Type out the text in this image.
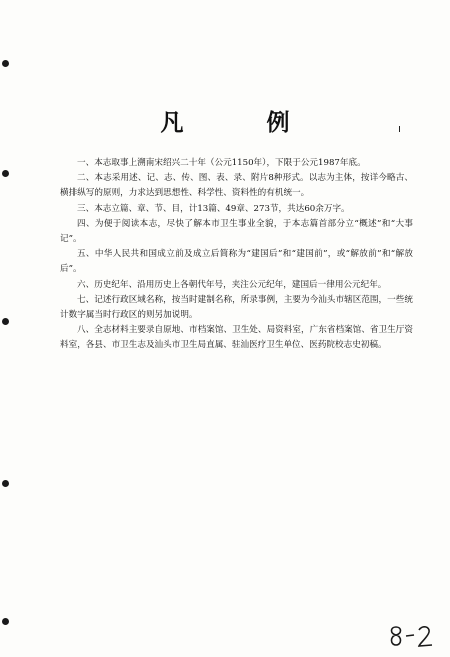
凡　例

一、本志取事上溯南宋绍兴二十年（公元1150年），下限于公元1987年底。

二、本志采用述、记、志、传、图、表、录、附片8种形式。以志为主体，按详今略古、横排纵写的原则，力求达到思想性、科学性、资料性的有机统一。

三、本志立篇、章、节、目，计13篇、49章、273节，共达60余万字。

四、为便于阅读本志，尽快了解本市卫生事业全貌，于本志篇首部分立“概述”和“大事记”。

五、中华人民共和国成立前及成立后简称为“建国后”和“建国前”，或“解放前”和“解放后”。

六、历史纪年、沿用历史上各朝代年号，夹注公元纪年，建国后一律用公元纪年。

七、记述行政区域名称，按当时建制名称，所录事例，主要为今汕头市辖区范围，一些统计数字属当时行政区的则另加说明。

八、全志材料主要录自原地、市档案馆、卫生处、局资料室，广东省档案馆、省卫生厅资料室，各县、市卫生志及汕头市卫生局直属、驻汕医疗卫生单位、医药院校志史初稿。
